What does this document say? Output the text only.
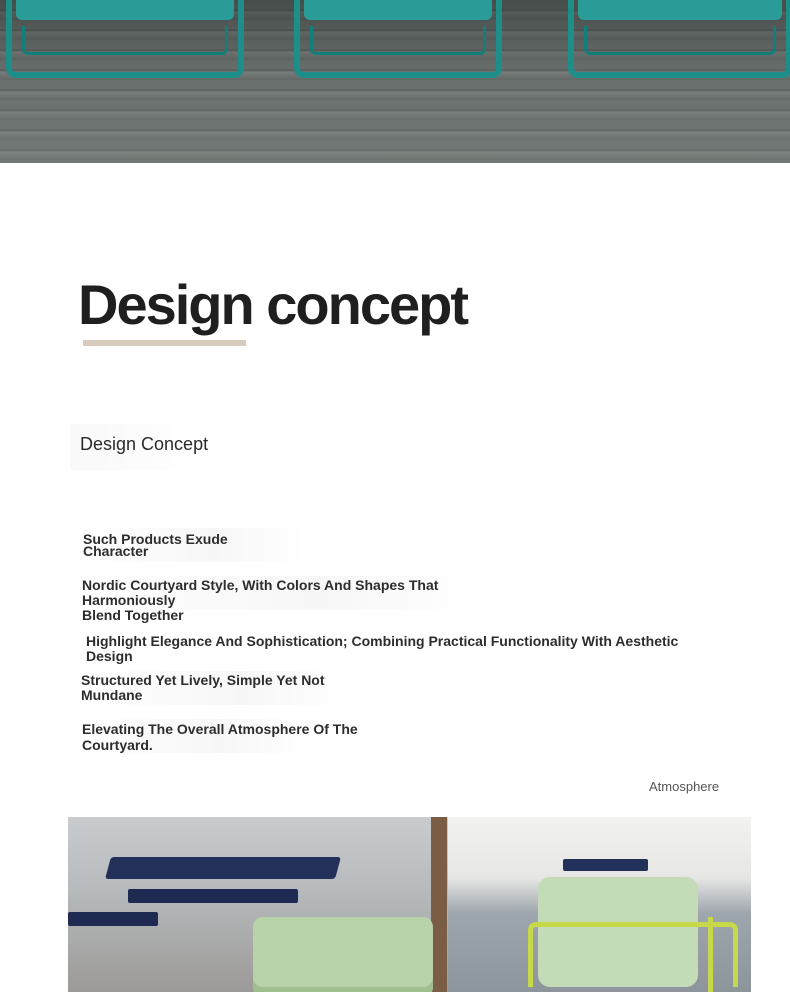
Design concept
Design Concept
Such Products Exude
Character
Nordic Courtyard Style, With Colors And Shapes That Harmoniously
Blend Together
Highlight Elegance And Sophistication; Combining Practical Functionality With Aesthetic Design
Structured Yet Lively, Simple Yet Not
Mundane
Elevating The Overall Atmosphere Of The
Courtyard.
Atmosphere
